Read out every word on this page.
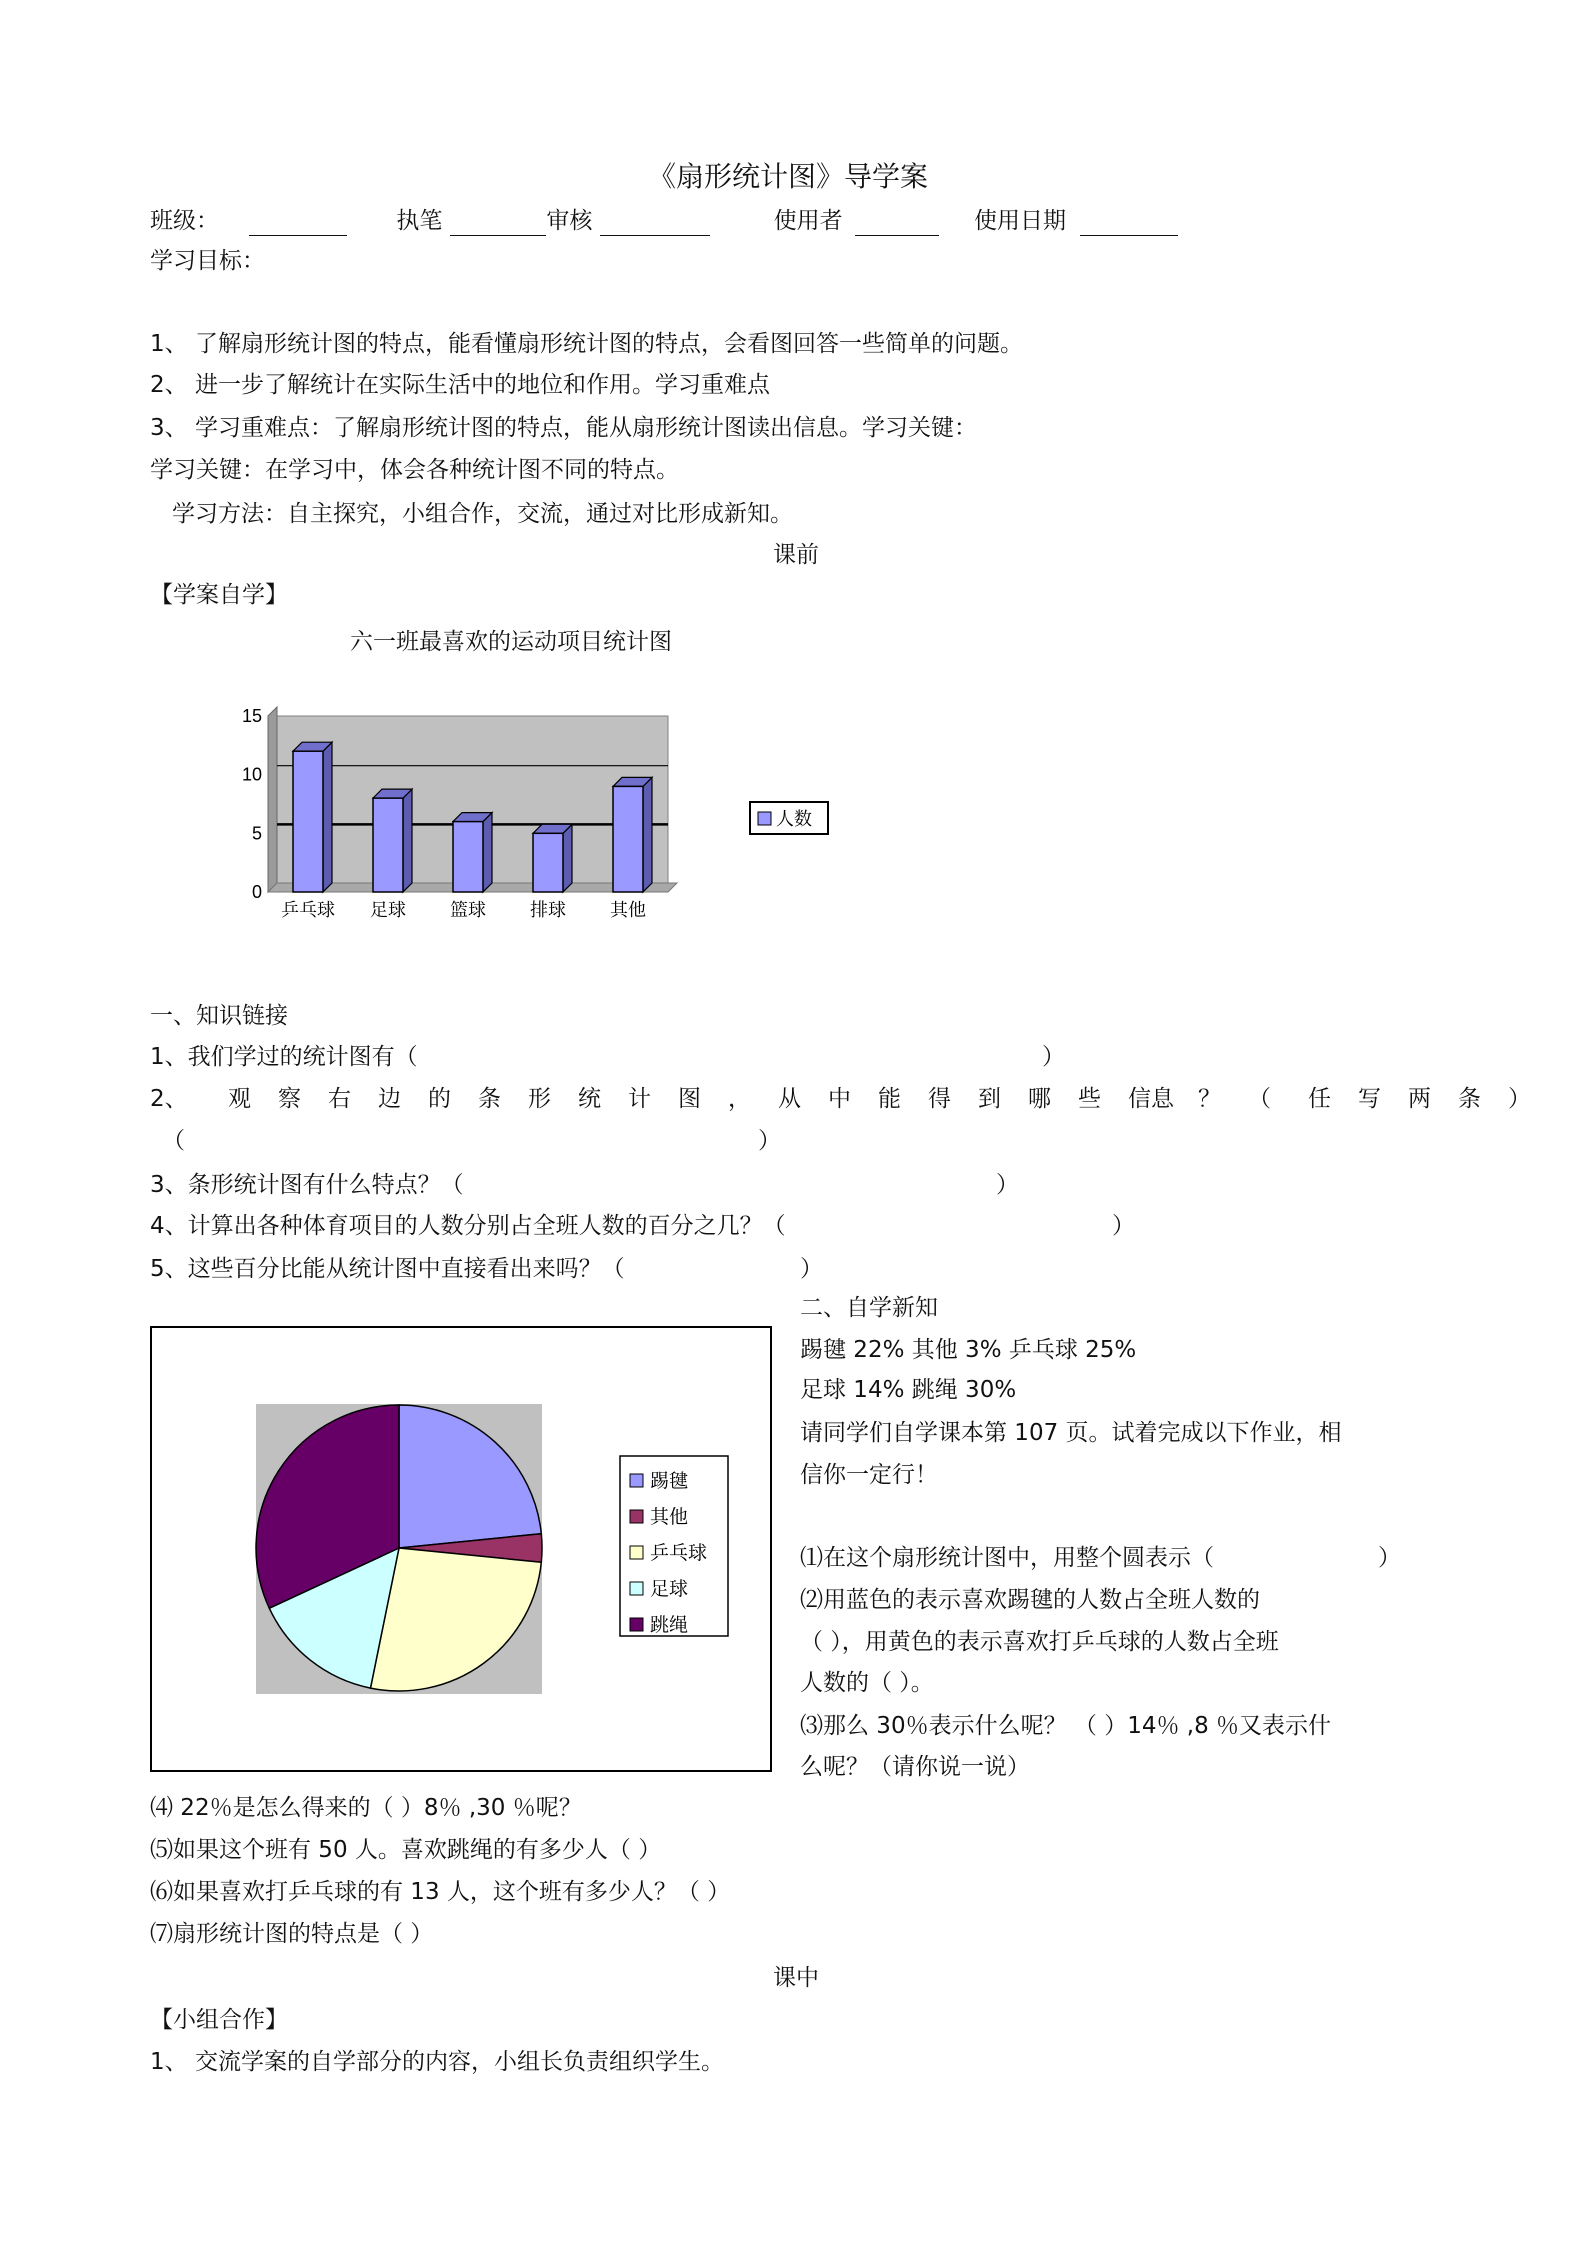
《扇形统计图》导学案
班级：	执笔	审核	使用者	使用日期
学习目标：
1、 了解扇形统计图的特点，能看懂扇形统计图的特点，会看图回答一些简单的问题。
2、 进一步了解统计在实际生活中的地位和作用。学习重难点
3、 学习重难点：了解扇形统计图的特点，能从扇形统计图读出信息。学习关键：
学习关键：在学习中，体会各种统计图不同的特点。
学习方法：自主探究，小组合作，交流，通过对比形成新知。
课前
【学案自学】
六一班最喜欢的运动项目统计图
0
5
10
15
乒乓球 足球 篮球 排球 其他
人数
一、知识链接
1、我们学过的统计图有（	）
2、 观 察 右 边 的 条 形 统 计 图 ， 从 中 能 得 到 哪 些 信息 ？ （ 任 写 两 条 ）
（	）
3、条形统计图有什么特点？（	）
4、计算出各种体育项目的人数分别占全班人数的百分之几？（	）
5、这些百分比能从统计图中直接看出来吗？（	）
踢毽
其他
乒乓球
足球
跳绳
二、自学新知
踢毽 22% 其他 3% 乒乓球 25%
足球 14% 跳绳 30%
请同学们自学课本第 107 页。试着完成以下作业，相
信你一定行！
⑴在这个扇形统计图中，用整个圆表示（	）
⑵用蓝色的表示喜欢踢毽的人数占全班人数的
（ ），用黄色的表示喜欢打乒乓球的人数占全班
人数的（ ）。
⑶那么 30％表示什么呢？ （ ）14％ ,8 ％又表示什
么呢？（请你说一说）
⑷ 22％是怎么得来的（ ）8％ ,30 ％呢？
⑸如果这个班有 50 人。喜欢跳绳的有多少人（ ）
⑹如果喜欢打乒乓球的有 13 人，这个班有多少人？（ ）
⑺扇形统计图的特点是（ ）
课中
【小组合作】
1、 交流学案的自学部分的内容，小组长负责组织学生。
